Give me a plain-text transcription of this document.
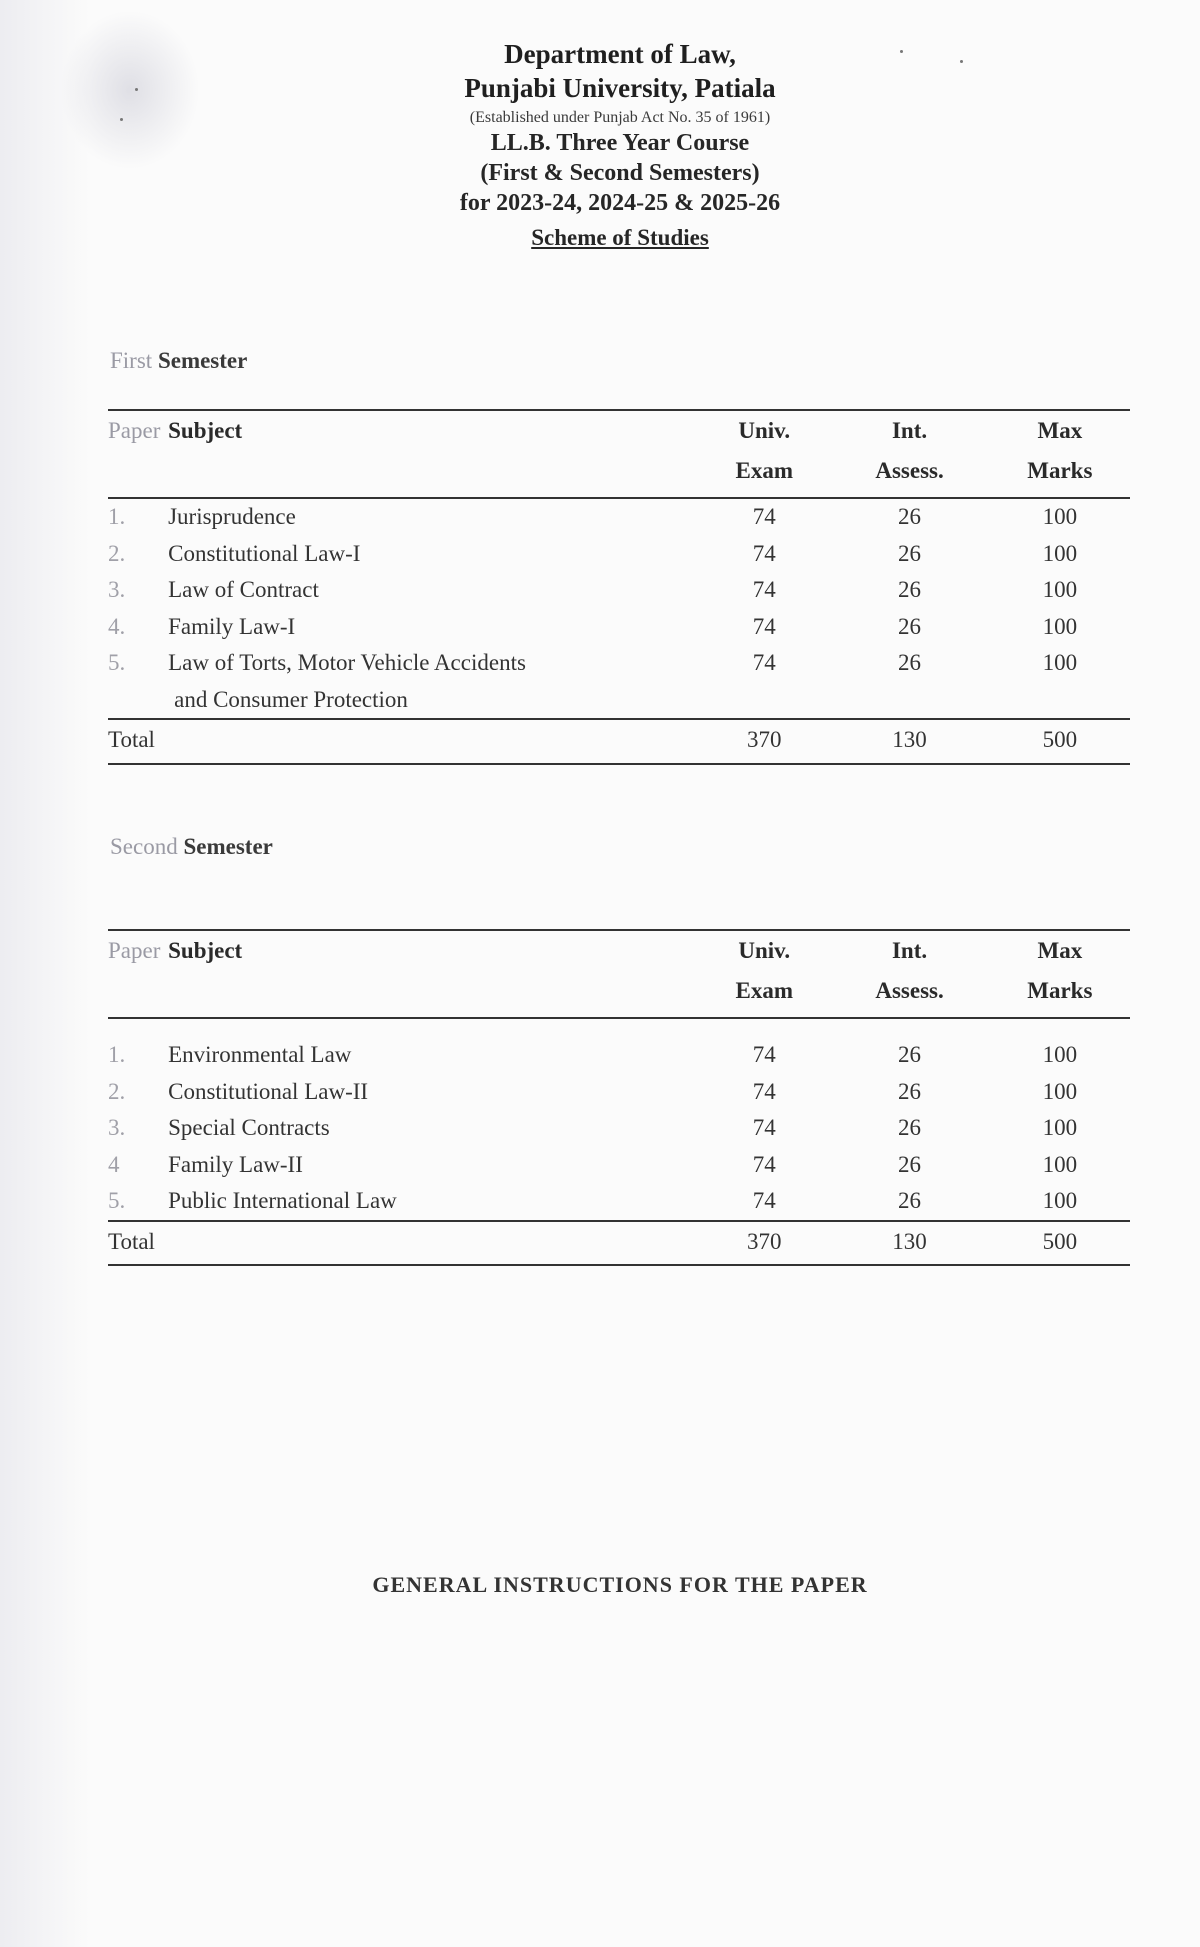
Department of Law,
Punjabi University, Patiala
(Established under Punjab Act No. 35 of 1961)
LL.B. Three Year Course
(First & Second Semesters)
for 2023-24, 2024-25 & 2025-26
Scheme of Studies
First Semester
Paper	Subject	Univ.	Int.	Max
		Exam	Assess.	Marks
1.	Jurisprudence	74	26	100
2.	Constitutional Law-I	74	26	100
3.	Law of Contract	74	26	100
4.	Family Law-I	74	26	100
5.	Law of Torts, Motor Vehicle Accidents
and Consumer Protection	74	26	100
Total		370	130	500
Second Semester
Paper	Subject	Univ.	Int.	Max
		Exam	Assess.	Marks

1.	Environmental Law	74	26	100
2.	Constitutional Law-II	74	26	100
3.	Special Contracts	74	26	100
4	Family Law-II	74	26	100
5.	Public International Law	74	26	100
Total		370	130	500
GENERAL INSTRUCTIONS FOR THE PAPER
